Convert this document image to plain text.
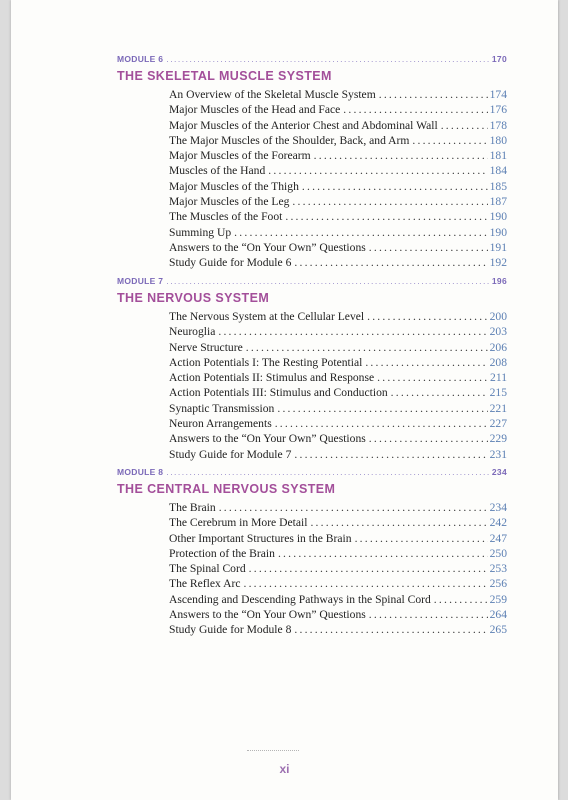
MODULE 6 .....	170
THE SKELETAL MUSCLE SYSTEM
An Overview of the Skeletal Muscle System .....	174
Major Muscles of the Head and Face .....	176
Major Muscles of the Anterior Chest and Abdominal Wall .....	178
The Major Muscles of the Shoulder, Back, and Arm .....	180
Major Muscles of the Forearm .....	181
Muscles of the Hand .....	184
Major Muscles of the Thigh .....	185
Major Muscles of the Leg .....	187
The Muscles of the Foot .....	190
Summing Up .....	190
Answers to the “On Your Own” Questions .....	191
Study Guide for Module 6 .....	192
MODULE 7 .....	196
THE NERVOUS SYSTEM
The Nervous System at the Cellular Level .....	200
Neuroglia .....	203
Nerve Structure .....	206
Action Potentials I: The Resting Potential .....	208
Action Potentials II: Stimulus and Response .....	211
Action Potentials III: Stimulus and Conduction .....	215
Synaptic Transmission .....	221
Neuron Arrangements .....	227
Answers to the “On Your Own” Questions .....	229
Study Guide for Module 7 .....	231
MODULE 8 .....	234
THE CENTRAL NERVOUS SYSTEM
The Brain .....	234
The Cerebrum in More Detail .....	242
Other Important Structures in the Brain .....	247
Protection of the Brain .....	250
The Spinal Cord .....	253
The Reflex Arc .....	256
Ascending and Descending Pathways in the Spinal Cord .....	259
Answers to the “On Your Own” Questions .....	264
Study Guide for Module 8 .....	265
xi
